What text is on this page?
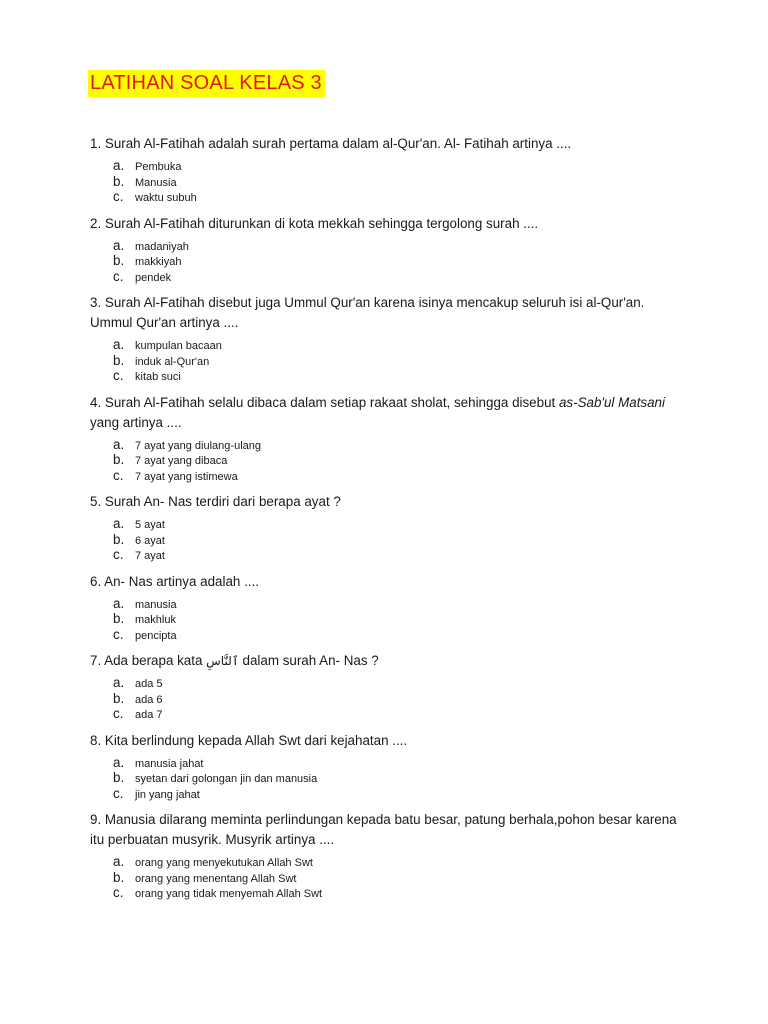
LATIHAN SOAL KELAS 3
1. Surah Al-Fatihah adalah surah pertama dalam al-Qur'an. Al- Fatihah artinya ....
a. Pembuka
b. Manusia
c.	waktu subuh
2. Surah Al-Fatihah diturunkan di kota mekkah sehingga tergolong surah ....
a. madaniyah
b. makkiyah
c.	pendek
3. Surah Al-Fatihah disebut juga Ummul Qur'an karena isinya mencakup seluruh isi al-Qur'an. Ummul Qur'an artinya ....
a. kumpulan bacaan
b. induk al-Qur'an
c.	kitab suci
4. Surah Al-Fatihah selalu dibaca dalam setiap rakaat sholat, sehingga disebut as-Sab'ul Matsani yang artinya ....
a. 7 ayat yang diulang-ulang
b. 7 ayat yang dibaca
c.	7 ayat yang istimewa
5. Surah An- Nas terdiri dari berapa ayat ?
a. 5 ayat
b. 6 ayat
c.	7 ayat
6. An- Nas artinya adalah ....
a. manusia
b. makhluk
c.	pencipta
7. Ada berapa kata ٱلنَّاسِ dalam surah An- Nas ?
a. ada 5
b. ada 6
c.	ada 7
8. Kita berlindung kepada Allah Swt dari kejahatan ....
a. manusia jahat
b. syetan dari golongan jin dan manusia
c.	jin yang jahat
9. Manusia dilarang meminta perlindungan kepada batu besar, patung berhala,pohon besar karena itu perbuatan musyrik. Musyrik artinya ....
a. orang yang menyekutukan Allah Swt
b. orang yang menentang Allah Swt
c.	orang yang tidak menyemah Allah Swt
